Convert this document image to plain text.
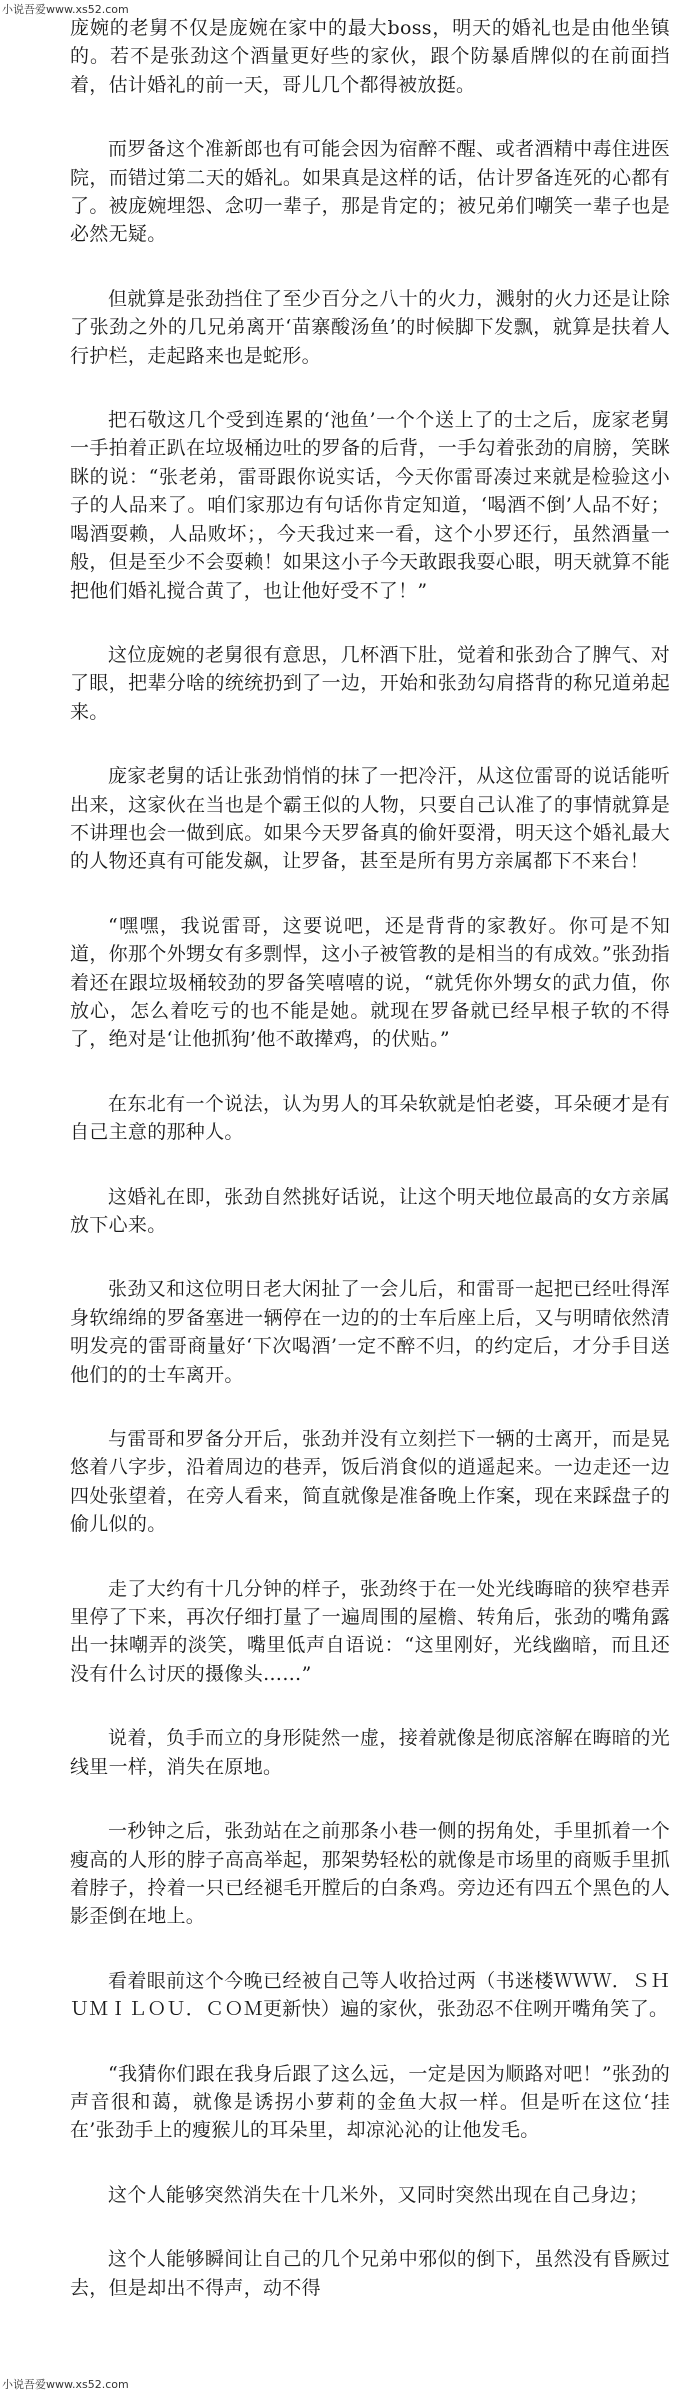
小说吾爱www.xs52.com

庞婉的老舅不仅是庞婉在家中的最大boss，明天的婚礼也是由他坐镇的。若不是张劲这个酒量更好些的家伙，跟个防暴盾牌似的在前面挡着，估计婚礼的前一天，哥儿几个都得被放挺。

而罗备这个准新郎也有可能会因为宿醉不醒、或者酒精中毒住进医院，而错过第二天的婚礼。如果真是这样的话，估计罗备连死的心都有了。被庞婉埋怨、念叨一辈子，那是肯定的；被兄弟们嘲笑一辈子也是必然无疑。

但就算是张劲挡住了至少百分之八十的火力，溅射的火力还是让除了张劲之外的几兄弟离开‘苗寨酸汤鱼’的时候脚下发飘，就算是扶着人行护栏，走起路来也是蛇形。

把石敬这几个受到连累的‘池鱼’一个个送上了的士之后，庞家老舅一手拍着正趴在垃圾桶边吐的罗备的后背，一手勾着张劲的肩膀，笑眯眯的说：“张老弟，雷哥跟你说实话，今天你雷哥凑过来就是检验这小子的人品来了。咱们家那边有句话你肯定知道，‘喝酒不倒’人品不好；喝酒耍赖，人品败坏；，今天我过来一看，这个小罗还行，虽然酒量一般，但是至少不会耍赖！如果这小子今天敢跟我耍心眼，明天就算不能把他们婚礼搅合黄了，也让他好受不了！”

这位庞婉的老舅很有意思，几杯酒下肚，觉着和张劲合了脾气、对了眼，把辈分啥的统统扔到了一边，开始和张劲勾肩搭背的称兄道弟起来。

庞家老舅的话让张劲悄悄的抹了一把冷汗，从这位雷哥的说话能听出来，这家伙在当也是个霸王似的人物，只要自己认准了的事情就算是不讲理也会一做到底。如果今天罗备真的偷奸耍滑，明天这个婚礼最大的人物还真有可能发飙，让罗备，甚至是所有男方亲属都下不来台！

“嘿嘿，我说雷哥，这要说吧，还是背背的家教好。你可是不知道，你那个外甥女有多剽悍，这小子被管教的是相当的有成效。”张劲指着还在跟垃圾桶较劲的罗备笑嘻嘻的说，“就凭你外甥女的武力值，你放心，怎么着吃亏的也不能是她。就现在罗备就已经早根子软的不得了，绝对是‘让他抓狗’他不敢撵鸡，的伏贴。”

在东北有一个说法，认为男人的耳朵软就是怕老婆，耳朵硬才是有自己主意的那种人。

这婚礼在即，张劲自然挑好话说，让这个明天地位最高的女方亲属放下心来。

张劲又和这位明日老大闲扯了一会儿后，和雷哥一起把已经吐得浑身软绵绵的罗备塞进一辆停在一边的的士车后座上后，又与明晴依然清明发亮的雷哥商量好‘下次喝酒’一定不醉不归，的约定后，才分手目送他们的的士车离开。

与雷哥和罗备分开后，张劲并没有立刻拦下一辆的士离开，而是晃悠着八字步，沿着周边的巷弄，饭后消食似的逍遥起来。一边走还一边四处张望着，在旁人看来，简直就像是准备晚上作案，现在来踩盘子的偷儿似的。

走了大约有十几分钟的样子，张劲终于在一处光线晦暗的狭窄巷弄里停了下来，再次仔细打量了一遍周围的屋檐、转角后，张劲的嘴角露出一抹嘲弄的淡笑，嘴里低声自语说：“这里刚好，光线幽暗，而且还没有什么讨厌的摄像头……”

说着，负手而立的身形陡然一虚，接着就像是彻底溶解在晦暗的光线里一样，消失在原地。

一秒钟之后，张劲站在之前那条小巷一侧的拐角处，手里抓着一个瘦高的人形的脖子高高举起，那架势轻松的就像是市场里的商贩手里抓着脖子，拎着一只已经褪毛开膛后的白条鸡。旁边还有四五个黑色的人影歪倒在地上。

看着眼前这个今晚已经被自己等人收拾过两（书迷楼ＷＷＷ．ＳＨＵＭＩＬＯＵ．ＣＯＭ更新快）遍的家伙，张劲忍不住咧开嘴角笑了。

“我猜你们跟在我身后跟了这么远，一定是因为顺路对吧！”张劲的声音很和蔼，就像是诱拐小萝莉的金鱼大叔一样。但是听在这位‘挂在’张劲手上的瘦猴儿的耳朵里，却凉沁沁的让他发毛。

这个人能够突然消失在十几米外，又同时突然出现在自己身边；

这个人能够瞬间让自己的几个兄弟中邪似的倒下，虽然没有昏厥过去，但是却出不得声，动不得

小说吾爱www.xs52.com
